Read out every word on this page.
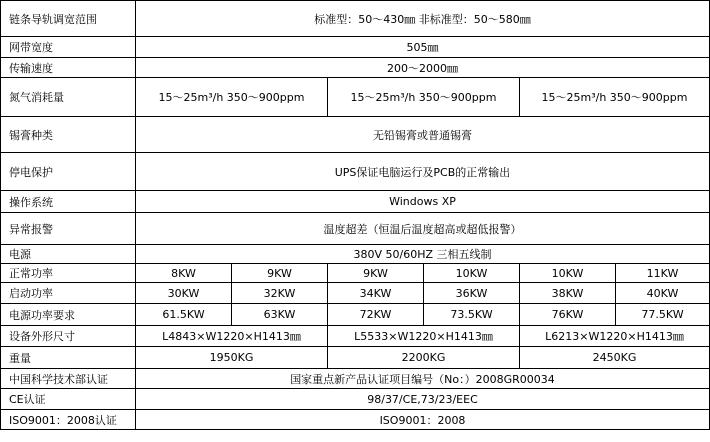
链条导轨调宽范围	标准型：50～430㎜ 非标准型：50～580㎜					
网带宽度	505㎜					
传输速度	200～2000㎜					
氮气消耗量	15～25m³/h 350～900ppm		15～25m³/h 350～900ppm		15～25m³/h 350～900ppm	
锡膏种类	无铅锡膏或普通锡膏					
停电保护	UPS保证电脑运行及PCB的正常输出					
操作系统	Windows XP					
异常报警	温度超差（恒温后温度超高或超低报警）					
电源	380V 50/60HZ 三相五线制					
正常功率	8KW	9KW	9KW	10KW	10KW	11KW
启动功率	30KW	32KW	34KW	36KW	38KW	40KW
电源功率要求	61.5KW	63KW	72KW	73.5KW	76KW	77.5KW
设备外形尺寸	L4843×W1220×H1413㎜		L5533×W1220×H1413㎜		L6213×W1220×H1413㎜	
重量	1950KG		2200KG		2450KG	
中国科学技术部认证	国家重点新产品认证项目编号（No：）2008GR00034					
CE认证	98/37/CE,73/23/EEC					
ISO9001：2008认证	ISO9001：2008					
